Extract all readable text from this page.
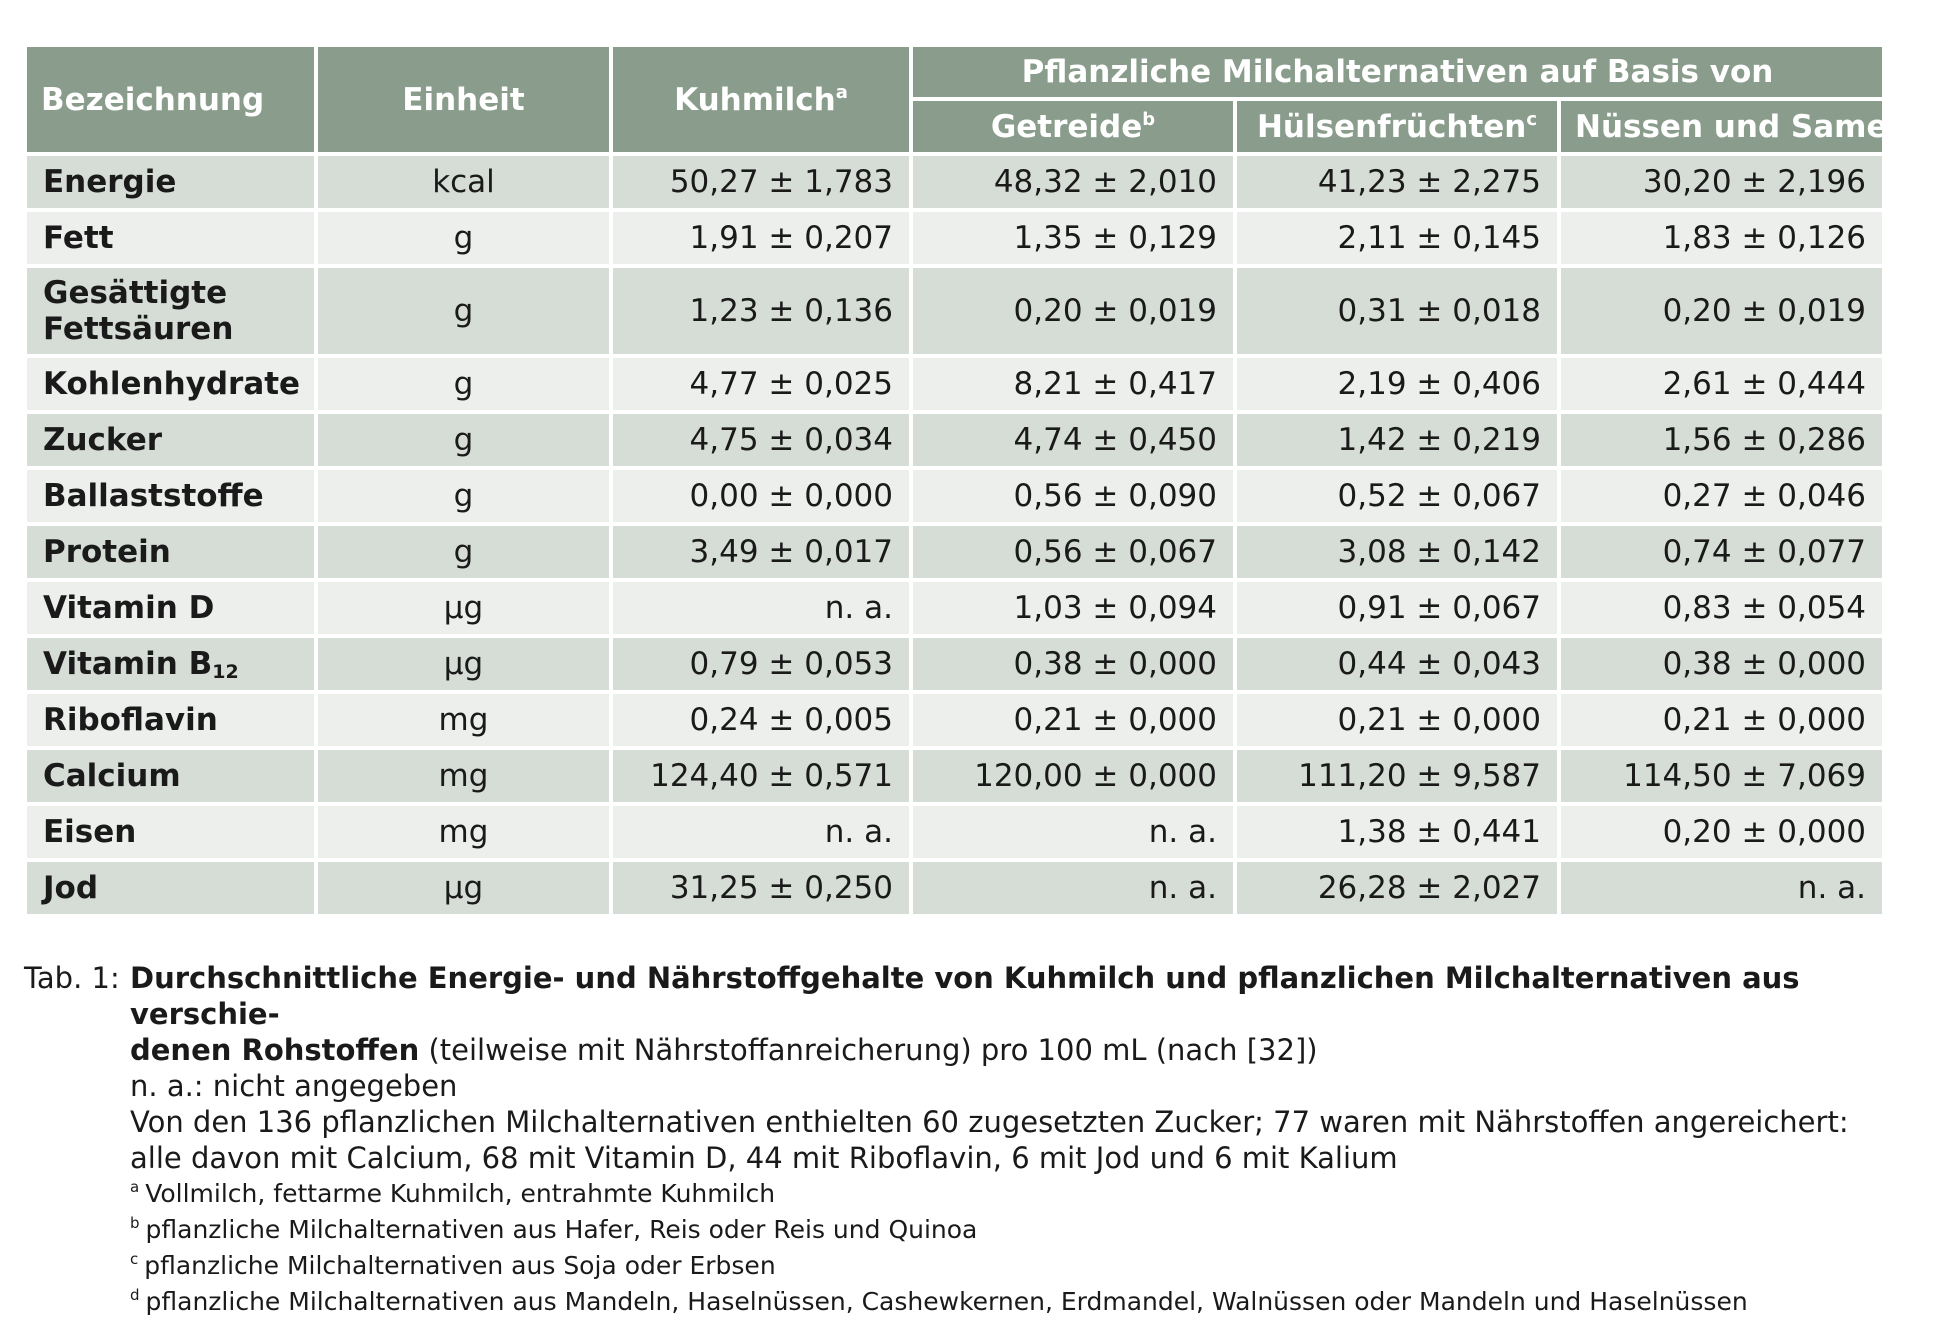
Bezeichnung	Einheit	Kuhmilch$^a$	Pflanzliche Milchalternativen auf Basis von		
			Getreide$^b$	Hülsenfrüchten$^c$	Nüssen und Samen$^d$
Energie	kcal	50,27 ± 1,783	48,32 ± 2,010	41,23 ± 2,275	30,20 ± 2,196
Fett	g	1,91 ± 0,207	1,35 ± 0,129	2,11 ± 0,145	1,83 ± 0,126
Gesättigte
Fettsäuren	g	1,23 ± 0,136	0,20 ± 0,019	0,31 ± 0,018	0,20 ± 0,019
Kohlenhydrate	g	4,77 ± 0,025	8,21 ± 0,417	2,19 ± 0,406	2,61 ± 0,444
Zucker	g	4,75 ± 0,034	4,74 ± 0,450	1,42 ± 0,219	1,56 ± 0,286
Ballaststoffe	g	0,00 ± 0,000	0,56 ± 0,090	0,52 ± 0,067	0,27 ± 0,046
Protein	g	3,49 ± 0,017	0,56 ± 0,067	3,08 ± 0,142	0,74 ± 0,077
Vitamin D	µg	n. a.	1,03 ± 0,094	0,91 ± 0,067	0,83 ± 0,054
Vitamin $B_{12}$	µg	0,79 ± 0,053	0,38 ± 0,000	0,44 ± 0,043	0,38 ± 0,000
Riboflavin	mg	0,24 ± 0,005	0,21 ± 0,000	0,21 ± 0,000	0,21 ± 0,000
Calcium	mg	124,40 ± 0,571	120,00 ± 0,000	111,20 ± 9,587	114,50 ± 7,069
Eisen	mg	n. a.	n. a.	1,38 ± 0,441	0,20 ± 0,000
Jod	µg	31,25 ± 0,250	n. a.	26,28 ± 2,027	n. a.
Tab. 1: Durchschnittliche Energie- und Nährstoffgehalte von Kuhmilch und pflanzlichen Milchalternativen aus verschie-
denen Rohstoffen (teilweise mit Nährstoffanreicherung) pro 100 mL (nach [32])
n. a.: nicht angegeben
Von den 136 pflanzlichen Milchalternativen enthielten 60 zugesetzten Zucker; 77 waren mit Nährstoffen angereichert:
alle davon mit Calcium, 68 mit Vitamin D, 44 mit Riboflavin, 6 mit Jod und 6 mit Kalium
$^a$ Vollmilch, fettarme Kuhmilch, entrahmte Kuhmilch
$^b$ pflanzliche Milchalternativen aus Hafer, Reis oder Reis und Quinoa
$^c$ pflanzliche Milchalternativen aus Soja oder Erbsen
$^d$ pflanzliche Milchalternativen aus Mandeln, Haselnüssen, Cashewkernen, Erdmandel, Walnüssen oder Mandeln und Haselnüssen
